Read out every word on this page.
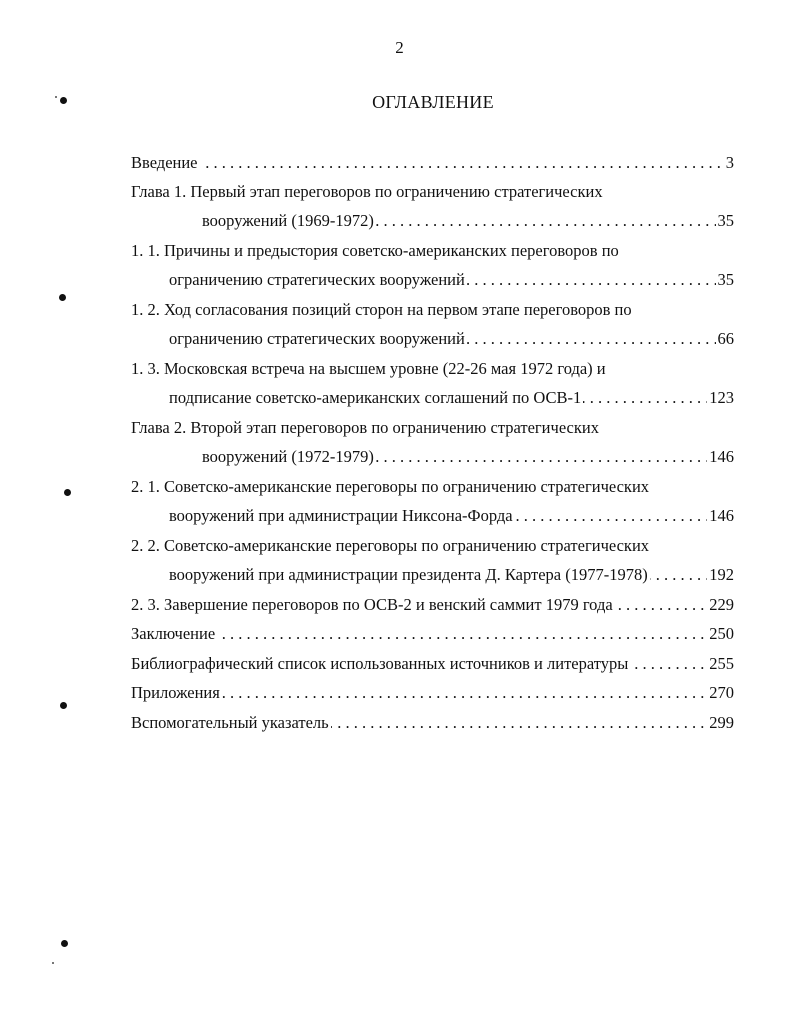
2
ОГЛАВЛЕНИЕ
. . . Введение	3
Глава 1. Первый этап переговоров по ограничению стратегических
. . . вооружений (1969-1972)	35
1. 1. Причины и предыстория советско-американских переговоров по
. . . ограничению стратегических вооружений	35
1. 2. Ход согласования позиций сторон на первом этапе переговоров по
. . . ограничению стратегических вооружений	66
1. 3. Московская встреча на высшем уровне (22-26 мая 1972 года) и
. . . подписание советско-американских соглашений по ОСВ-1	123
Глава 2. Второй этап переговоров по ограничению стратегических
. . . вооружений (1972-1979)	146
2. 1. Советско-американские переговоры по ограничению стратегических
. . . вооружений при администрации Никсона-Форда	146
2. 2. Советско-американские переговоры по ограничению стратегических
. . . вооружений при администрации президента Д. Картера (1977-1978)	192
. . . 2. 3. Завершение переговоров по ОСВ-2 и венский саммит 1979 года	229
. . . Заключение	250
. . . Библиографический список использованных источников и литературы	255
. . . Приложения	270
. . . Вспомогательный указатель	299
